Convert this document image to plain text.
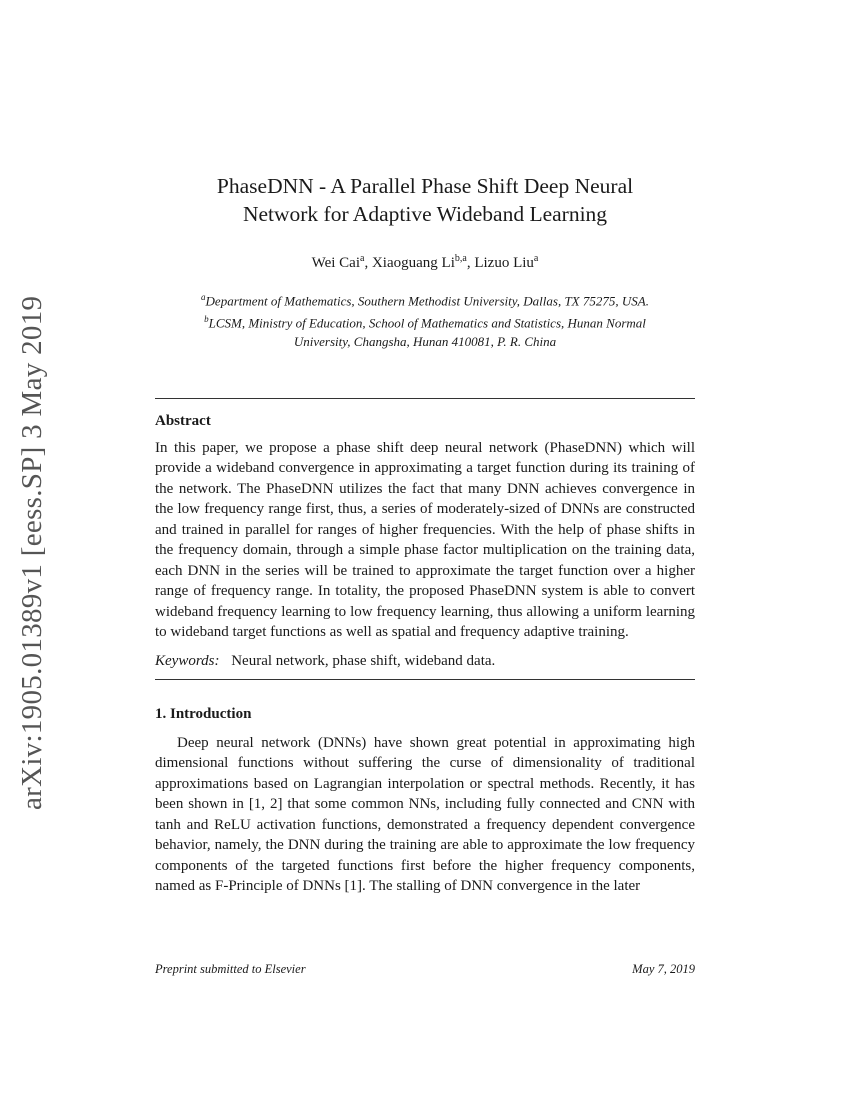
arXiv:1905.01389v1 [eess.SP] 3 May 2019
PhaseDNN - A Parallel Phase Shift Deep Neural
Network for Adaptive Wideband Learning
Wei Cai$^a$, Xiaoguang Li$^{b,a}$, Lizuo Liu$^a$
$^a$Department of Mathematics, Southern Methodist University, Dallas, TX 75275, USA.
$^b$LCSM, Ministry of Education, School of Mathematics and Statistics, Hunan Normal University, Changsha, Hunan 410081, P. R. China
Abstract
In this paper, we propose a phase shift deep neural network (PhaseDNN) which will provide a wideband convergence in approximating a target function during its training of the network. The PhaseDNN utilizes the fact that many DNN achieves convergence in the low frequency range first, thus, a series of moderately-sized of DNNs are constructed and trained in parallel for ranges of higher frequencies. With the help of phase shifts in the frequency domain, through a simple phase factor multiplication on the training data, each DNN in the series will be trained to approximate the target function over a higher range of frequency range. In totality, the proposed PhaseDNN system is able to convert wideband frequency learning to low frequency learning, thus allowing a uniform learning to wideband target functions as well as spatial and frequency adaptive training.
Keywords: Neural network, phase shift, wideband data.
1. Introduction
Deep neural network (DNNs) have shown great potential in approximating high dimensional functions without suffering the curse of dimensionality of traditional approximations based on Lagrangian interpolation or spectral methods. Recently, it has been shown in [1, 2] that some common NNs, including fully connected and CNN with tanh and ReLU activation functions, demonstrated a frequency dependent convergence behavior, namely, the DNN during the training are able to approximate the low frequency components of the targeted functions first before the higher frequency components, named as F-Principle of DNNs [1]. The stalling of DNN convergence in the later
Preprint submitted to Elsevier	May 7, 2019
